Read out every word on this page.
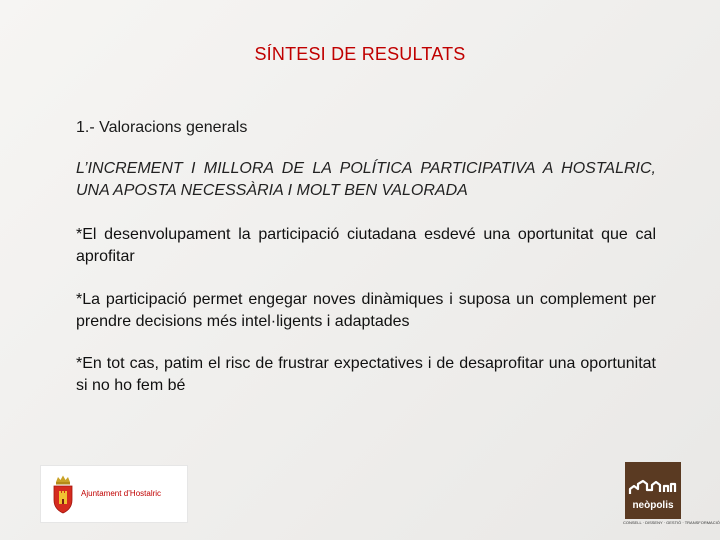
SÍNTESI DE RESULTATS
1.- Valoracions generals
L’INCREMENT I MILLORA DE LA POLÍTICA PARTICIPATIVA A HOSTALRIC, UNA APOSTA NECESSÀRIA I MOLT BEN VALORADA
*El desenvolupament la participació ciutadana esdevé una oportunitat que cal aprofitar
*La participació permet engegar noves dinàmiques i suposa un complement per prendre decisions més intel·ligents i adaptades
*En tot cas, patim el risc de frustrar expectatives i de desaprofitar una oportunitat si no ho fem bé
Ajuntament d’Hostalric
neòpolis
CONSELL · DISSENY · GESTIÓ · TRANSFORMACIÓ
